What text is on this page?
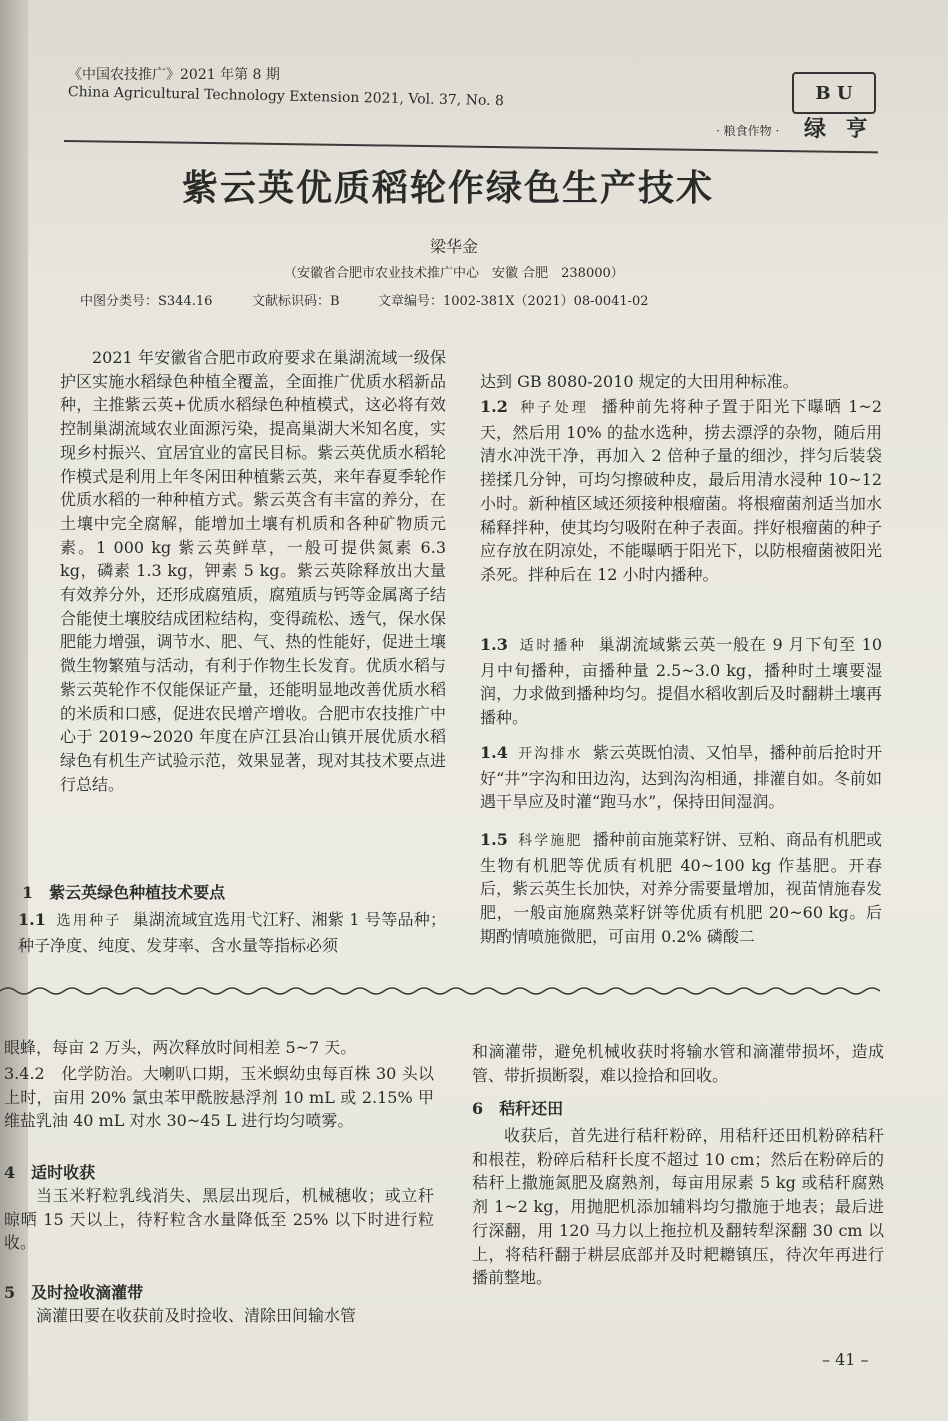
《中国农技推广》2021 年第 8 期
China Agricultural Technology Extension 2021, Vol. 37, No. 8	B U
绿 亨
· 粮食作物 ·
紫云英优质稻轮作绿色生产技术
梁华金
（安徽省合肥市农业技术推广中心　安徽 合肥　238000）
中图分类号：S344.16	文献标识码：B	文章编号：1002-381X（2021）08-0041-02

2021 年安徽省合肥市政府要求在巢湖流域一级保护区实施水稻绿色种植全覆盖，全面推广优质水稻新品种，主推紫云英+优质水稻绿色种植模式，这必将有效控制巢湖流域农业面源污染，提高巢湖大米知名度，实现乡村振兴、宜居宜业的富民目标。紫云英优质水稻轮作模式是利用上年冬闲田种植紫云英，来年春夏季轮作优质水稻的一种种植方式。紫云英含有丰富的养分，在土壤中完全腐解，能增加土壤有机质和各种矿物质元素。1 000 kg 紫云英鲜草，一般可提供氮素 6.3 kg，磷素 1.3 kg，钾素 5 kg。紫云英除释放出大量有效养分外，还形成腐殖质，腐殖质与钙等金属离子结合能使土壤胶结成团粒结构，变得疏松、透气，保水保肥能力增强，调节水、肥、气、热的性能好，促进土壤微生物繁殖与活动，有利于作物生长发育。优质水稻与紫云英轮作不仅能保证产量，还能明显地改善优质水稻的米质和口感，促进农民增产增收。合肥市农技推广中心于 2019~2020 年度在庐江县冶山镇开展优质水稻绿色有机生产试验示范，效果显著，现对其技术要点进行总结。

1　紫云英绿色种植技术要点

1.1 选用种子 巢湖流域宜选用弋江籽、湘紫 1 号等品种；种子净度、纯度、发芽率、含水量等指标必须

达到 GB 8080-2010 规定的大田用种标准。

1.2 种子处理 播种前先将种子置于阳光下曝晒 1~2 天，然后用 10% 的盐水选种，捞去漂浮的杂物，随后用清水冲洗干净，再加入 2 倍种子量的细沙，拌匀后装袋搓揉几分钟，可均匀擦破种皮，最后用清水浸种 10~12 小时。新种植区域还须接种根瘤菌。将根瘤菌剂适当加水稀释拌种，使其均匀吸附在种子表面。拌好根瘤菌的种子应存放在阴凉处，不能曝晒于阳光下，以防根瘤菌被阳光杀死。拌种后在 12 小时内播种。

1.3 适时播种 巢湖流域紫云英一般在 9 月下旬至 10 月中旬播种，亩播种量 2.5~3.0 kg，播种时土壤要湿润，力求做到播种均匀。提倡水稻收割后及时翻耕土壤再播种。

1.4 开沟排水 紫云英既怕渍、又怕旱，播种前后抢时开好“井”字沟和田边沟，达到沟沟相通，排灌自如。冬前如遇干旱应及时灌“跑马水”，保持田间湿润。

1.5 科学施肥 播种前亩施菜籽饼、豆粕、商品有机肥或生物有机肥等优质有机肥 40~100 kg 作基肥。开春后，紫云英生长加快，对养分需要量增加，视苗情施春发肥，一般亩施腐熟菜籽饼等优质有机肥 20~60 kg。后期酌情喷施微肥，可亩用 0.2% 磷酸二

眼蜂，每亩 2 万头，两次释放时间相差 5~7 天。

3.4.2　化学防治。大喇叭口期，玉米螟幼虫每百株 30 头以上时，亩用 20% 氯虫苯甲酰胺悬浮剂 10 mL 或 2.15% 甲维盐乳油 40 mL 对水 30~45 L 进行均匀喷雾。

4　适时收获

当玉米籽粒乳线消失、黑层出现后，机械穗收；或立秆晾晒 15 天以上，待籽粒含水量降低至 25% 以下时进行粒收。

5　及时捡收滴灌带

滴灌田要在收获前及时捡收、清除田间输水管

和滴灌带，避免机械收获时将输水管和滴灌带损坏，造成管、带折损断裂，难以捡拾和回收。

6　秸秆还田

收获后，首先进行秸秆粉碎，用秸秆还田机粉碎秸秆和根茬，粉碎后秸秆长度不超过 10 cm；然后在粉碎后的秸秆上撒施氮肥及腐熟剂，每亩用尿素 5 kg 或秸秆腐熟剂 1~2 kg，用抛肥机添加辅料均匀撒施于地表；最后进行深翻，用 120 马力以上拖拉机及翻转犁深翻 30 cm 以上，将秸秆翻于耕层底部并及时耙耱镇压，待次年再进行播前整地。

– 41 –
